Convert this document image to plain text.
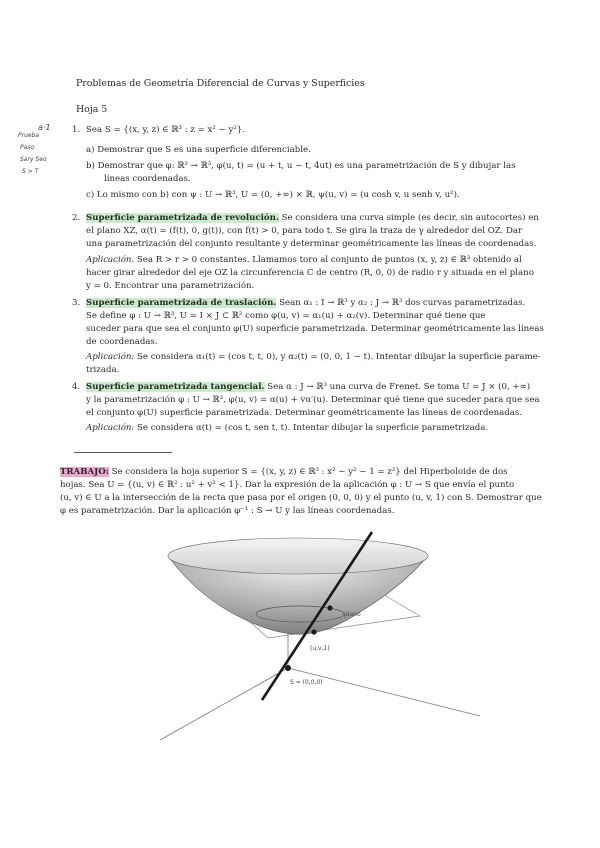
Problemas de Geometría Diferencial de Curvas y Superficies
Hoja 5
a·1
Prueba
Paso
Sary Seo
S > T
1. Sea S = {(x, y, z) ∈ ℝ³ : z = x² − y²}.
a) Demostrar que S es una superficie diferenciable.
b) Demostrar que φ: ℝ² → ℝ³, φ(u, t) = (u + t, u − t, 4ut) es una parametrización de S y dibujar las
líneas coordenadas.
c) Lo mismo con b) con ψ : U → ℝ³, U = (0, +∞) × ℝ, ψ(u, v) = (u cosh v, u senh v, u²).
2. Superficie parametrizada de revolución. Se considera una curva simple (es decir, sin autocortes) en
el plano XZ, α(t) = (f(t), 0, g(t)), con f(t) > 0, para todo t. Se gira la traza de γ alrededor del OZ. Dar
una parametrización del conjunto resultante y determinar geométricamente las líneas de coordenadas.
Aplicación. Sea R > r > 0 constantes. Llamamos toro al conjunto de puntos (x, y, z) ∈ ℝ³ obtenido al
hacer girar alrededor del eje OZ la circunferencia C de centro (R, 0, 0) de radio r y situada en el plano
y = 0. Encontrar una parametrización.
3. Superficie parametrizada de traslación. Sean α₁ : I → ℝ³ y α₂ : J → ℝ³ dos curvas parametrizadas.
Se define φ : U → ℝ³, U = I × J ⊂ ℝ² como φ(u, v) = α₁(u) + α₂(v). Determinar qué tiene que
suceder para que sea el conjunto φ(U) superficie parametrizada. Determinar geométricamente las líneas
de coordenadas.
Aplicación: Se considera α₁(t) = (cos t, t, 0), y α₂(t) = (0, 0, 1 − t). Intentar dibujar la superficie parame-
trizada.
4. Superficie parametrizada tangencial. Sea α : J → ℝ³ una curva de Frenet. Se toma U = J × (0, +∞)
y la parametrización φ : U → ℝ³, φ(u, v) = α(u) + vα′(u). Determinar qué tiene que suceder para que sea
el conjunto φ(U) superficie parametrizada. Determinar geométricamente las líneas de coordenadas.
Aplicación: Se considera α(t) = (cos t, sen t, t). Intentar dibujar la superficie parametrizada.
TRABAJO: Se considera la hoja superior S = {(x, y, z) ∈ ℝ³ : x² − y² − 1 = z²} del Hiperboloide de dos
hojas. Sea U = {(u, v) ∈ ℝ² : u² + v² < 1}. Dar la expresión de la aplicación φ : U → S que envía el punto
(u, v) ∈ U a la intersección de la recta que pasa por el origen (0, 0, 0) y el punto (u, v, 1) con S. Demostrar que
φ es parametrización. Dar la aplicación φ⁻¹ : S → U y las líneas coordenadas.
plano
(u,v,1)
S = (0,0,0)
